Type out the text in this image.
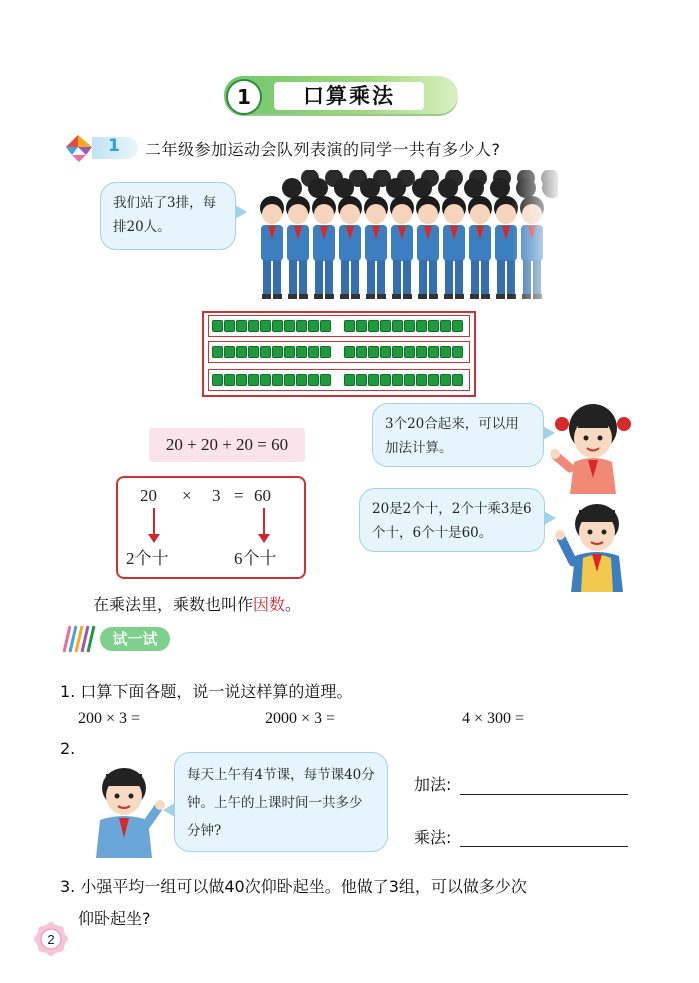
1	口算乘法
1 二年级参加运动会队列表演的同学一共有多少人?
我们站了3排，每排20人。
20 + 20 + 20 = 60
20 × 3 = 60
2个十	6个十
3个20合起来，可以用加法计算。
20是2个十，2个十乘3是6个十，6个十是60。
在乘法里，乘数也叫作因数。
试一试
1. 口算下面各题，说一说这样算的道理。
200 × 3 =	2000 × 3 =	4 × 300 =
2.
每天上午有4节课，每节课40分钟。上午的上课时间一共多少分钟?
加法:
乘法:
3. 小强平均一组可以做40次仰卧起坐。他做了3组，可以做多少次
仰卧起坐?
2
